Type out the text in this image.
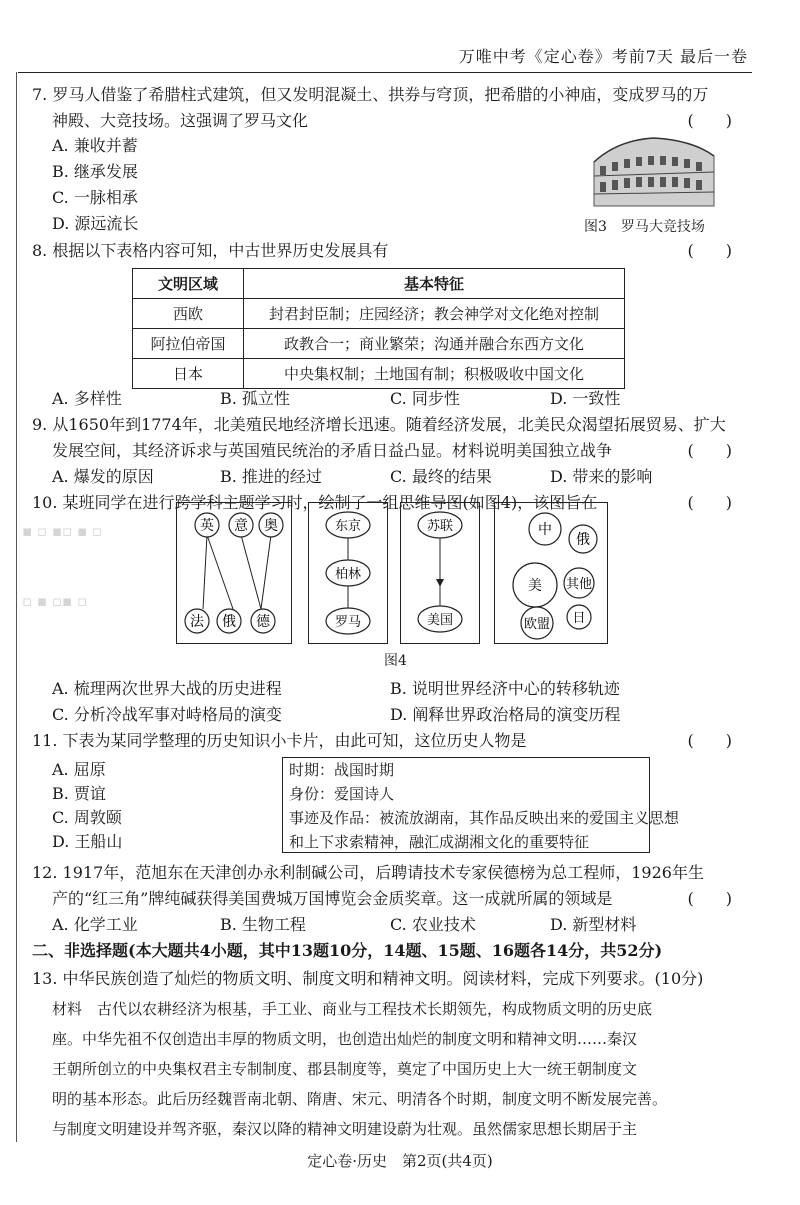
万唯中考《定心卷》考前7天 最后一卷

7. 罗马人借鉴了希腊柱式建筑，但又发明混凝土、拱券与穹顶，把希腊的小神庙，变成罗马的万

神殿、大竞技场。这强调了罗马文化	(　　)
A. 兼收并蓄
B. 继承发展
C. 一脉相承
D. 源远流长	图3　罗马大竞技场

8. 根据以下表格内容可知，中古世界历史发展具有	(　　)
文明区域	基本特征
西欧	封君封臣制；庄园经济；教会神学对文化绝对控制
阿拉伯帝国	政教合一；商业繁荣；沟通并融合东西方文化
日本	中央集权制；土地国有制；积极吸收中国文化
A. 多样性	B. 孤立性	C. 同步性	D. 一致性

9. 从1650年到1774年，北美殖民地经济增长迅速。随着经济发展，北美民众渴望拓展贸易、扩大

发展空间，其经济诉求与英国殖民统治的矛盾日益凸显。材料说明美国独立战争	(　　)
A. 爆发的原因	B. 推进的经过	C. 最终的结果	D. 带来的影响

10. 某班同学在进行跨学科主题学习时，绘制了一组思维导图(如图4)，该图旨在	(　　)
▪ ▫ ▪▫ ▪ ▫
▫ ▪ ▫▪ ▫
英 意 奥
法 俄 德
东京
柏林
罗马
苏联
美国
中
俄
美 其他
欧盟 日
图4
A. 梳理两次世界大战的历史进程	B. 说明世界经济中心的转移轨迹
C. 分析冷战军事对峙格局的演变	D. 阐释世界政治格局的演变历程

11. 下表为某同学整理的历史知识小卡片，由此可知，这位历史人物是	(　　)
A. 屈原
B. 贾谊
C. 周敦颐
D. 王船山

时期：战国时期

身份：爱国诗人

事迹及作品：被流放湖南，其作品反映出来的爱国主义思想

和上下求索精神，融汇成湖湘文化的重要特征

12. 1917年，范旭东在天津创办永利制碱公司，后聘请技术专家侯德榜为总工程师，1926年生

产的“红三角”牌纯碱获得美国费城万国博览会金质奖章。这一成就所属的领域是	(　　)
A. 化学工业	B. 生物工程	C. 农业技术	D. 新型材料
二、非选择题(本大题共4小题，其中13题10分，14题、15题、16题各14分，共52分)

13. 中华民族创造了灿烂的物质文明、制度文明和精神文明。阅读材料，完成下列要求。(10分)

材料　古代以农耕经济为根基，手工业、商业与工程技术长期领先，构成物质文明的历史底
座。中华先祖不仅创造出丰厚的物质文明，也创造出灿烂的制度文明和精神文明……秦汉
王朝所创立的中央集权君主专制制度、郡县制度等，奠定了中国历史上大一统王朝制度文
明的基本形态。此后历经魏晋南北朝、隋唐、宋元、明清各个时期，制度文明不断发展完善。
与制度文明建设并驾齐驱，秦汉以降的精神文明建设蔚为壮观。虽然儒家思想长期居于主
定心卷·历史　第2页(共4页)
